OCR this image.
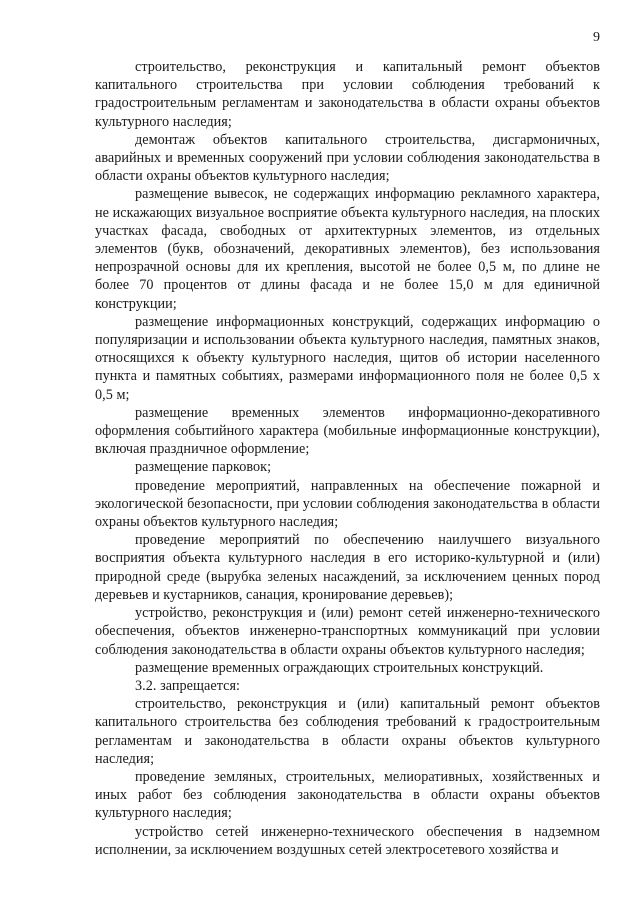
9

строительство, реконструкция и капитальный ремонт объектов капитального строительства при условии соблюдения требований к градостроительным регламентам и законодательства в области охраны объектов культурного наследия;

демонтаж объектов капитального строительства, дисгармоничных, аварийных и временных сооружений при условии соблюдения законодательства в области охраны объектов культурного наследия;

размещение вывесок, не содержащих информацию рекламного характера, не искажающих визуальное восприятие объекта культурного наследия, на плоских участках фасада, свободных от архитектурных элементов, из отдельных элементов (букв, обозначений, декоративных элементов), без использования непрозрачной основы для их крепления, высотой не более 0,5 м, по длине не более 70 процентов от длины фасада и не более 15,0 м для единичной конструкции;

размещение информационных конструкций, содержащих информацию о популяризации и использовании объекта культурного наследия, памятных знаков, относящихся к объекту культурного наследия, щитов об истории населенного пункта и памятных событиях, размерами информационного поля не более 0,5 х 0,5 м;

размещение временных элементов информационно-декоративного оформления событийного характера (мобильные информационные конструкции), включая праздничное оформление;

размещение парковок;

проведение мероприятий, направленных на обеспечение пожарной и экологической безопасности, при условии соблюдения законодательства в области охраны объектов культурного наследия;

проведение мероприятий по обеспечению наилучшего визуального восприятия объекта культурного наследия в его историко-культурной и (или) природной среде (вырубка зеленых насаждений, за исключением ценных пород деревьев и кустарников, санация, кронирование деревьев);

устройство, реконструкция и (или) ремонт сетей инженерно-технического обеспечения, объектов инженерно-транспортных коммуникаций при условии соблюдения законодательства в области охраны объектов культурного наследия;

размещение временных ограждающих строительных конструкций.

3.2. запрещается:

строительство, реконструкция и (или) капитальный ремонт объектов капитального строительства без соблюдения требований к градостроительным регламентам и законодательства в области охраны объектов культурного наследия;

проведение земляных, строительных, мелиоративных, хозяйственных и иных работ без соблюдения законодательства в области охраны объектов культурного наследия;

устройство сетей инженерно-технического обеспечения в надземном исполнении, за исключением воздушных сетей электросетевого хозяйства и
